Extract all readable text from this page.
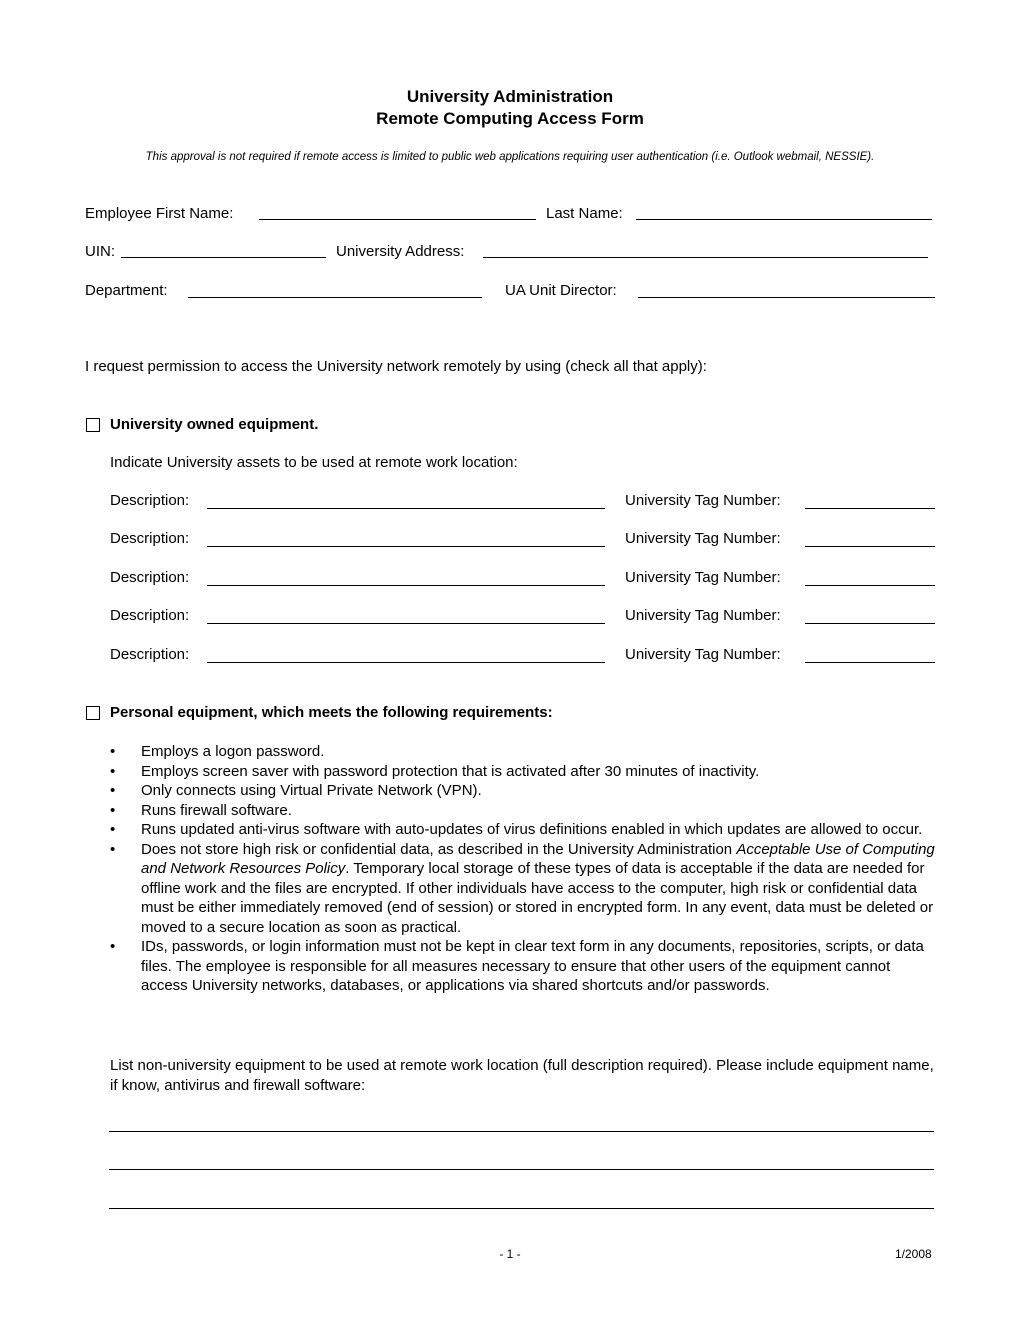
University Administration
Remote Computing Access Form
This approval is not required if remote access is limited to public web applications requiring user authentication (i.e. Outlook webmail, NESSIE).
Employee First Name:	Last Name:
UIN:	University Address:
Department:	UA Unit Director:
I request permission to access the University network remotely by using (check all that apply):
University owned equipment.
Indicate University assets to be used at remote work location:
Description:	University Tag Number:
Description:	University Tag Number:
Description:	University Tag Number:
Description:	University Tag Number:
Description:	University Tag Number:
Personal equipment, which meets the following requirements:
• Employs a logon password.
• Employs screen saver with password protection that is activated after 30 minutes of inactivity.
• Only connects using Virtual Private Network (VPN).
• Runs firewall software.
• Runs updated anti-virus software with auto-updates of virus definitions enabled in which updates are allowed to occur.
• Does not store high risk or confidential data, as described in the University Administration Acceptable Use of Computing and Network Resources Policy. Temporary local storage of these types of data is acceptable if the data are needed for offline work and the files are encrypted. If other individuals have access to the computer, high risk or confidential data must be either immediately removed (end of session) or stored in encrypted form. In any event, data must be deleted or moved to a secure location as soon as practical.
• IDs, passwords, or login information must not be kept in clear text form in any documents, repositories, scripts, or data files. The employee is responsible for all measures necessary to ensure that other users of the equipment cannot access University networks, databases, or applications via shared shortcuts and/or passwords.
List non-university equipment to be used at remote work location (full description required). Please include equipment name, if know, antivirus and firewall software:
- 1 -	1/2008
